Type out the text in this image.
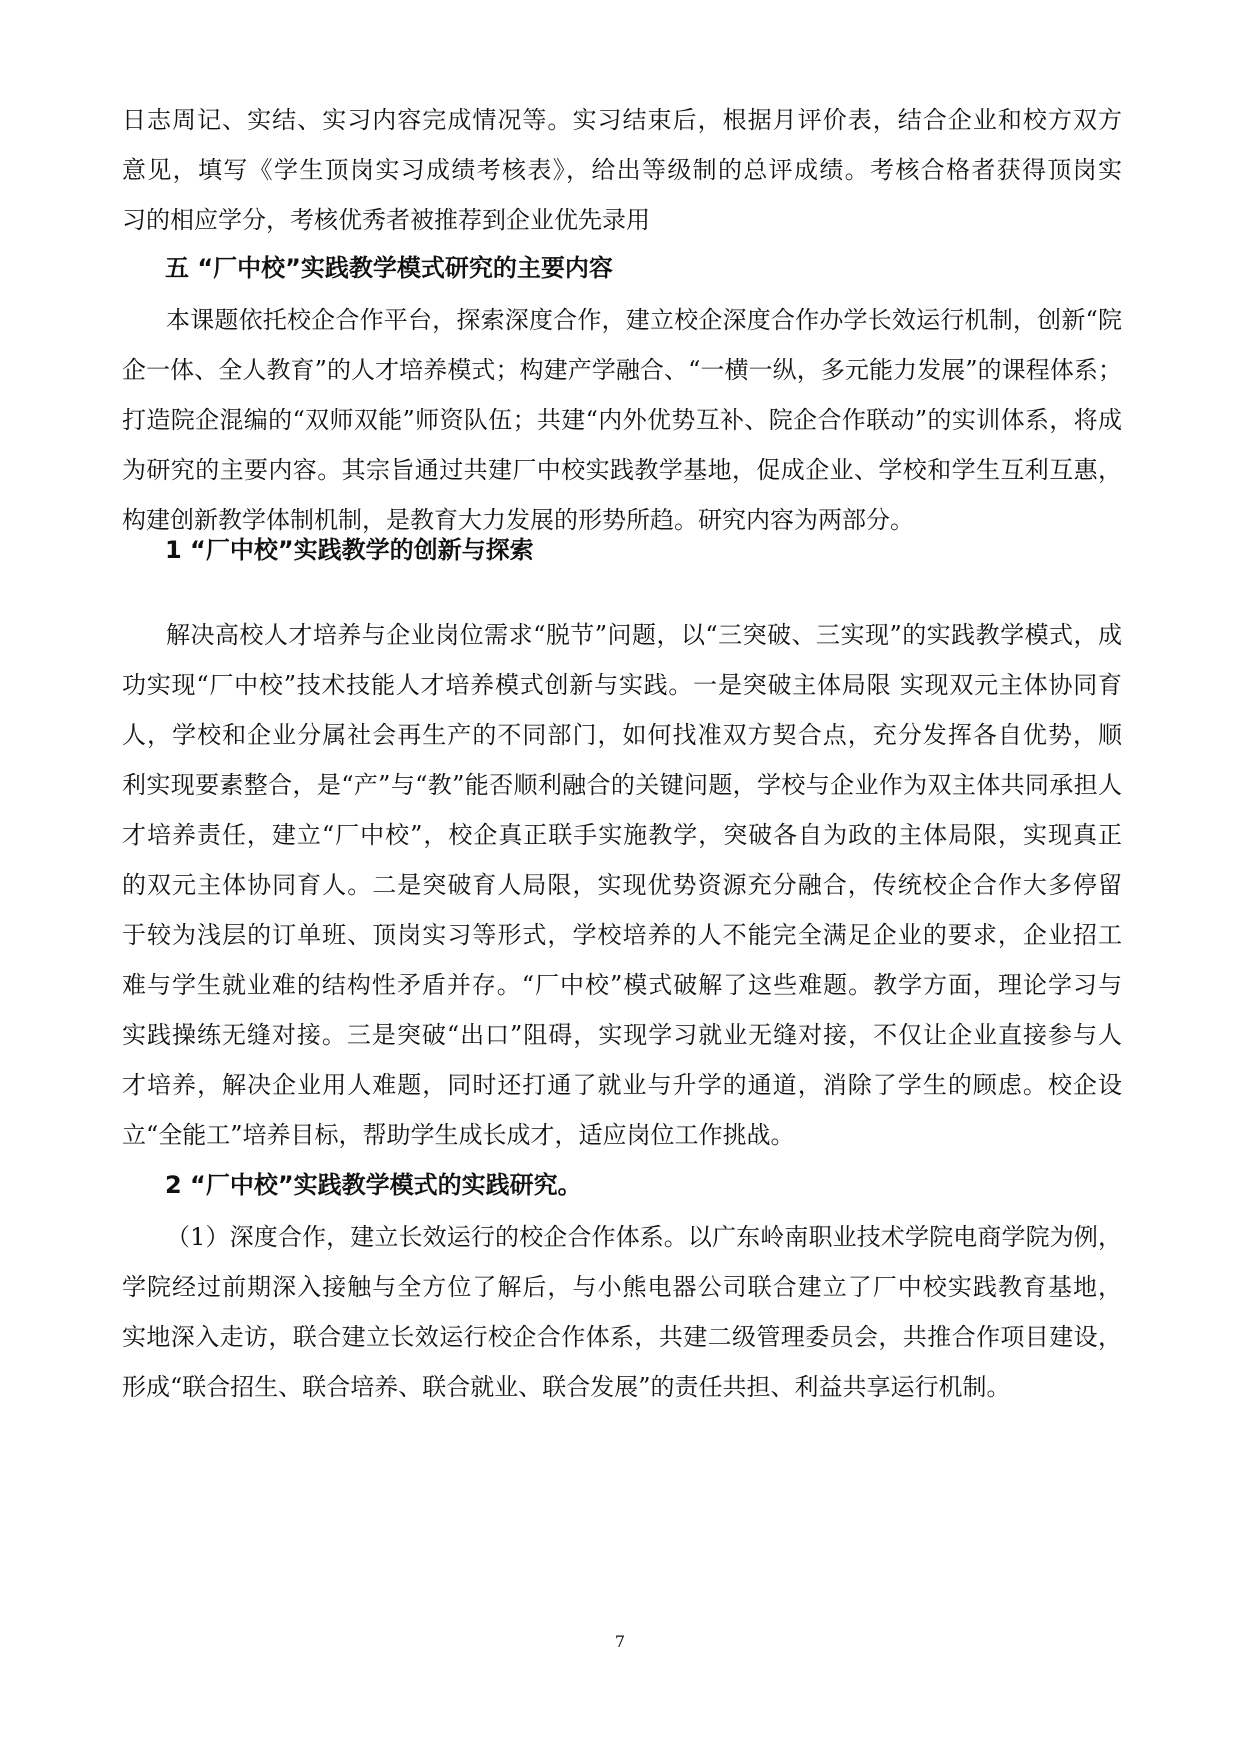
日志周记、实结、实习内容完成情况等。实习结束后，根据月评价表，结合企业和校方双方
意见，填写《学生顶岗实习成绩考核表》，给出等级制的总评成绩。考核合格者获得顶岗实
习的相应学分，考核优秀者被推荐到企业优先录用
五 “厂中校”实践教学模式研究的主要内容
本课题依托校企合作平台，探索深度合作，建立校企深度合作办学长效运行机制，创新“院
企一体、全人教育”的人才培养模式；构建产学融合、“一横一纵，多元能力发展”的课程体系；
打造院企混编的“双师双能”师资队伍；共建“内外优势互补、院企合作联动”的实训体系，将成
为研究的主要内容。其宗旨通过共建厂中校实践教学基地，促成企业、学校和学生互利互惠，
构建创新教学体制机制，是教育大力发展的形势所趋。研究内容为两部分。
1 “厂中校”实践教学的创新与探索
解决高校人才培养与企业岗位需求“脱节”问题，以“三突破、三实现”的实践教学模式，成
功实现“厂中校”技术技能人才培养模式创新与实践。一是突破主体局限 实现双元主体协同育
人，学校和企业分属社会再生产的不同部门，如何找准双方契合点，充分发挥各自优势，顺
利实现要素整合，是“产”与“教”能否顺利融合的关键问题，学校与企业作为双主体共同承担人
才培养责任，建立“厂中校”，校企真正联手实施教学，突破各自为政的主体局限，实现真正
的双元主体协同育人。二是突破育人局限，实现优势资源充分融合，传统校企合作大多停留
于较为浅层的订单班、顶岗实习等形式，学校培养的人不能完全满足企业的要求，企业招工
难与学生就业难的结构性矛盾并存。“厂中校”模式破解了这些难题。教学方面，理论学习与
实践操练无缝对接。三是突破“出口”阻碍，实现学习就业无缝对接，不仅让企业直接参与人
才培养，解决企业用人难题，同时还打通了就业与升学的通道，消除了学生的顾虑。校企设
立“全能工”培养目标，帮助学生成长成才，适应岗位工作挑战。
2 “厂中校”实践教学模式的实践研究。
（1）深度合作，建立长效运行的校企合作体系。以广东岭南职业技术学院电商学院为例，
学院经过前期深入接触与全方位了解后，与小熊电器公司联合建立了厂中校实践教育基地，
实地深入走访，联合建立长效运行校企合作体系，共建二级管理委员会，共推合作项目建设，
形成“联合招生、联合培养、联合就业、联合发展”的责任共担、利益共享运行机制。
7
